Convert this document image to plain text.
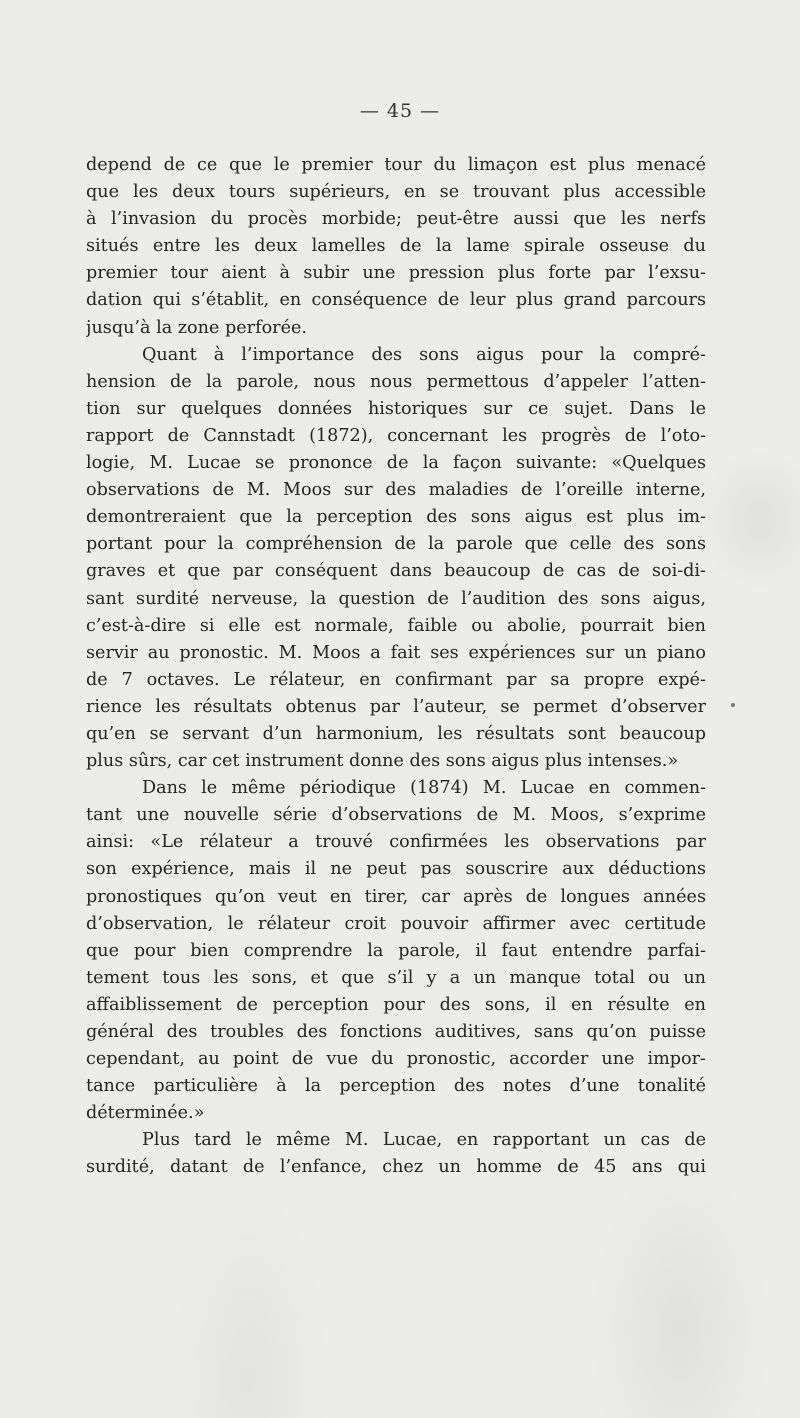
— 45 —
depend de ce que le premier tour du limaçon est plus menacé
que les deux tours supérieurs, en se trouvant plus accessible
à l’invasion du procès morbide; peut-être aussi que les nerfs
situés entre les deux lamelles de la lame spirale osseuse du
premier tour aient à subir une pression plus forte par l’exsu-
dation qui s’établit, en conséquence de leur plus grand parcours
jusqu’à la zone perforée.
Quant à l’importance des sons aigus pour la compré-
hension de la parole, nous nous permettous d’appeler l’atten-
tion sur quelques données historiques sur ce sujet. Dans le
rapport de Cannstadt (1872), concernant les progrès de l’oto-
logie, M. Lucae se prononce de la façon suivante: «Quelques
observations de M. Moos sur des maladies de l’oreille interne,
demontreraient que la perception des sons aigus est plus im-
portant pour la compréhension de la parole que celle des sons
graves et que par conséquent dans beaucoup de cas de soi-di-
sant surdité nerveuse, la question de l’audition des sons aigus,
c’est-à-dire si elle est normale, faible ou abolie, pourrait bien
servir au pronostic. M. Moos a fait ses expériences sur un piano
de 7 octaves. Le rélateur, en confirmant par sa propre expé-
rience les résultats obtenus par l’auteur, se permet d’observer
qu’en se servant d’un harmonium, les résultats sont beaucoup
plus sûrs, car cet instrument donne des sons aigus plus intenses.»
Dans le même périodique (1874) M. Lucae en commen-
tant une nouvelle série d’observations de M. Moos, s’exprime
ainsi: «Le rélateur a trouvé confirmées les observations par
son expérience, mais il ne peut pas souscrire aux déductions
pronostiques qu’on veut en tirer, car après de longues années
d’observation, le rélateur croit pouvoir affirmer avec certitude
que pour bien comprendre la parole, il faut entendre parfai-
tement tous les sons, et que s’il y a un manque total ou un
affaiblissement de perception pour des sons, il en résulte en
général des troubles des fonctions auditives, sans qu’on puisse
cependant, au point de vue du pronostic, accorder une impor-
tance particulière à la perception des notes d’une tonalité
déterminée.»
Plus tard le même M. Lucae, en rapportant un cas de
surdité, datant de l’enfance, chez un homme de 45 ans qui
